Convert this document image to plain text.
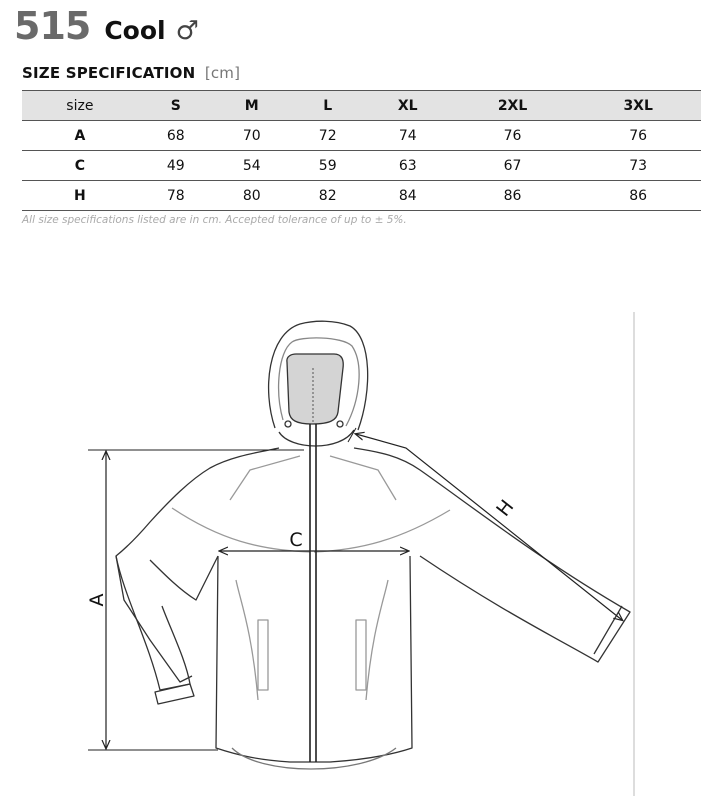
515 Cool ♂
SIZE SPECIFICATION [cm]
size	S	M	L	XL	2XL	3XL
A	68	70	72	74	76	76
C	49	54	59	63	67	73
H	78	80	82	84	86	86
All size specifications listed are in cm. Accepted tolerance of up to ± 5%.
A
C
H
